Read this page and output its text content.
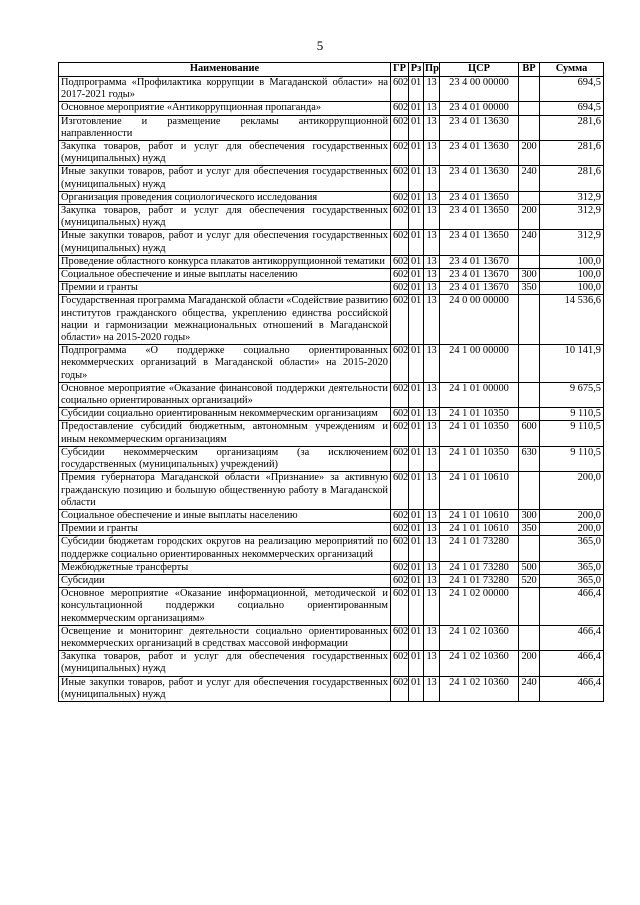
5
Наименование	ГР	Рз	Пр	ЦСР	ВР	Сумма
Подпрограмма «Профилактика коррупции в Магаданской области» на 2017-2021 годы»	602	01	13	23 4 00 00000		694,5
Основное мероприятие «Антикоррупционная пропаганда»	602	01	13	23 4 01 00000		694,5
Изготовление и размещение рекламы антикоррупционной направленности	602	01	13	23 4 01 13630		281,6
Закупка товаров, работ и услуг для обеспечения государственных (муниципальных) нужд	602	01	13	23 4 01 13630	200	281,6
Иные закупки товаров, работ и услуг для обеспечения государственных (муниципальных) нужд	602	01	13	23 4 01 13630	240	281,6
Организация проведения социологического исследования	602	01	13	23 4 01 13650		312,9
Закупка товаров, работ и услуг для обеспечения государственных (муниципальных) нужд	602	01	13	23 4 01 13650	200	312,9
Иные закупки товаров, работ и услуг для обеспечения государственных (муниципальных) нужд	602	01	13	23 4 01 13650	240	312,9
Проведение областного конкурса плакатов антикоррупционной тематики	602	01	13	23 4 01 13670		100,0
Социальное обеспечение и иные выплаты населению	602	01	13	23 4 01 13670	300	100,0
Премии и гранты	602	01	13	23 4 01 13670	350	100,0
Государственная программа Магаданской области «Содействие развитию институтов гражданского общества, укреплению единства российской нации и гармонизации межнациональных отношений в Магаданской области» на 2015-2020 годы»	602	01	13	24 0 00 00000		14 536,6
Подпрограмма «О поддержке социально ориентированных некоммерческих организаций в Магаданской области» на 2015-2020 годы»	602	01	13	24 1 00 00000		10 141,9
Основное мероприятие «Оказание финансовой поддержки деятельности социально ориентированных организаций»	602	01	13	24 1 01 00000		9 675,5
Субсидии социально ориентированным некоммерческим организациям	602	01	13	24 1 01 10350		9 110,5
Предоставление субсидий бюджетным, автономным учреждениям и иным некоммерческим организациям	602	01	13	24 1 01 10350	600	9 110,5
Субсидии некоммерческим организациям (за исключением государственных (муниципальных) учреждений)	602	01	13	24 1 01 10350	630	9 110,5
Премия губернатора Магаданской области «Признание» за активную гражданскую позицию и большую общественную работу в Магаданской области	602	01	13	24 1 01 10610		200,0
Социальное обеспечение и иные выплаты населению	602	01	13	24 1 01 10610	300	200,0
Премии и гранты	602	01	13	24 1 01 10610	350	200,0
Субсидии бюджетам городских округов на реализацию мероприятий по поддержке социально ориентированных некоммерческих организаций	602	01	13	24 1 01 73280		365,0
Межбюджетные трансферты	602	01	13	24 1 01 73280	500	365,0
Субсидии	602	01	13	24 1 01 73280	520	365,0
Основное мероприятие «Оказание информационной, методической и консультационной поддержки социально ориентированным некоммерческим организациям»	602	01	13	24 1 02 00000		466,4
Освещение и мониторинг деятельности социально ориентированных некоммерческих организаций в средствах массовой информации	602	01	13	24 1 02 10360		466,4
Закупка товаров, работ и услуг для обеспечения государственных (муниципальных) нужд	602	01	13	24 1 02 10360	200	466,4
Иные закупки товаров, работ и услуг для обеспечения государственных (муниципальных) нужд	602	01	13	24 1 02 10360	240	466,4
